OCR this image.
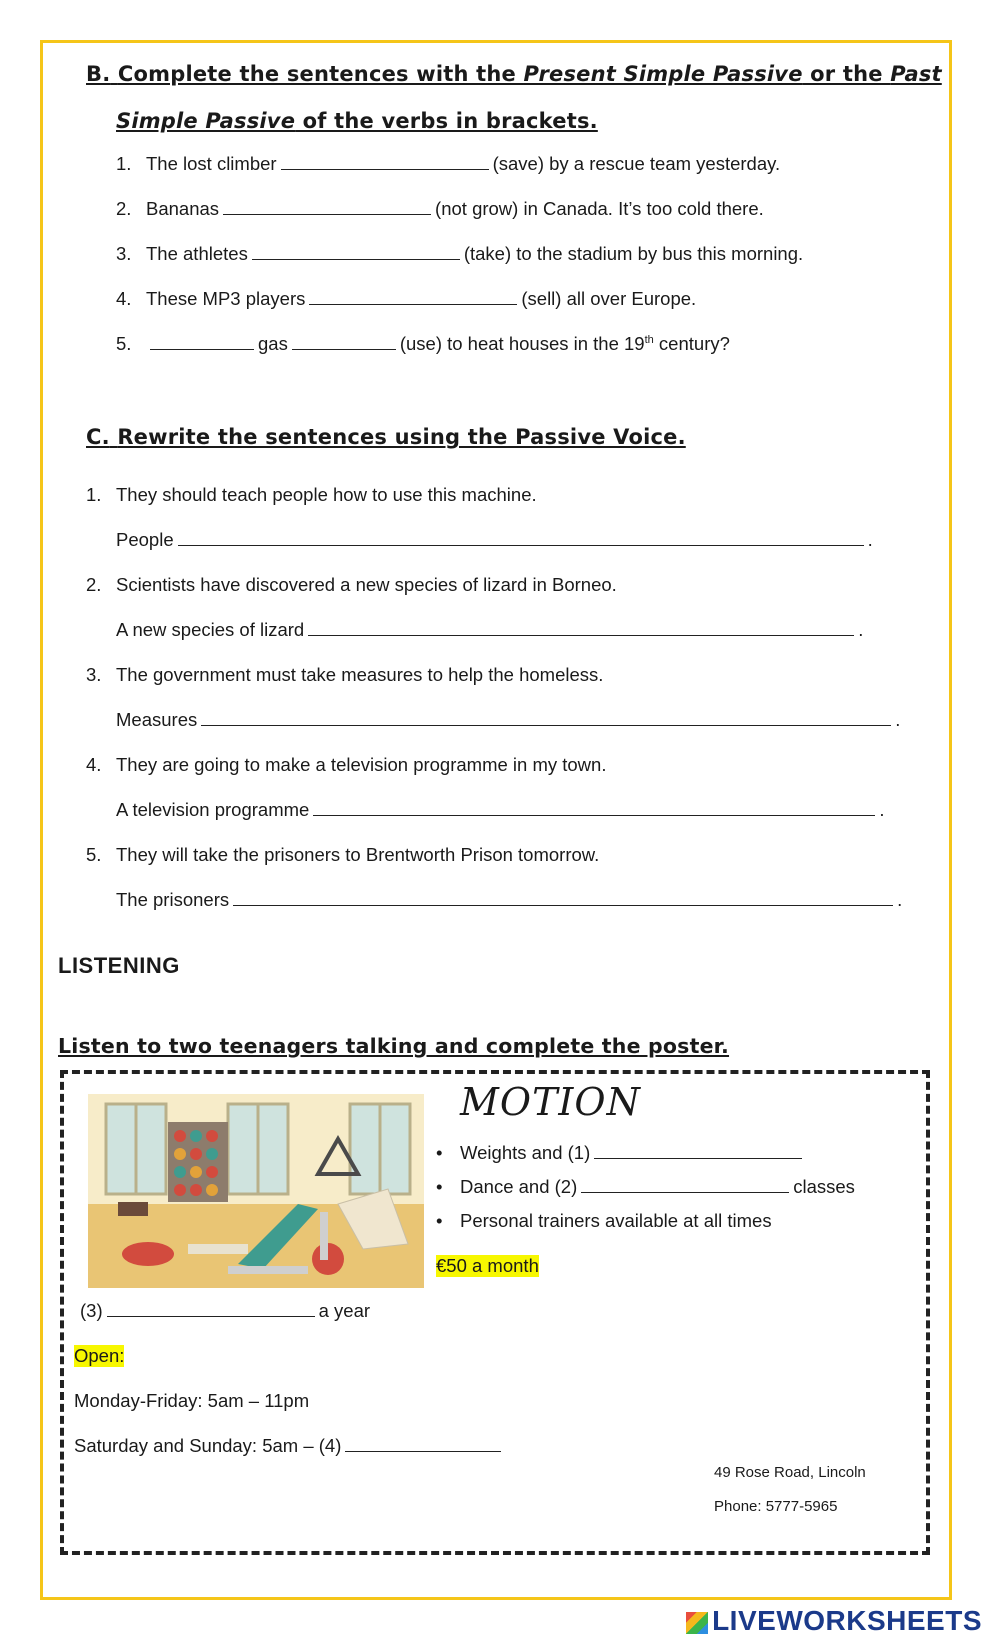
B. Complete the sentences with the Present Simple Passive or the Past
Simple Passive of the verbs in brackets.
1. The lost climber	(save) by a rescue team yesterday.
2. Bananas	(not grow) in Canada. It’s too cold there.
3. The athletes	(take) to the stadium by bus this morning.
4. These MP3 players	(sell) all over Europe.
5.	gas	(use) to heat houses in the 19th century?
C. Rewrite the sentences using the Passive Voice.
1. They should teach people how to use this machine.
People	.
2. Scientists have discovered a new species of lizard in Borneo.
A new species of lizard	.
3. The government must take measures to help the homeless.
Measures	.
4. They are going to make a television programme in my town.
A television programme	.
5. They will take the prisoners to Brentworth Prison tomorrow.
The prisoners	.
LISTENING
Listen to two teenagers talking and complete the poster.
MOTION
• Weights and (1)
• Dance and (2)	classes
• Personal trainers available at all times
€50 a month
(3)	a year
Open:
Monday-Friday: 5am – 11pm
Saturday and Sunday: 5am – (4)
49 Rose Road, Lincoln
Phone: 5777-5965
LIVEWORKSHEETS
